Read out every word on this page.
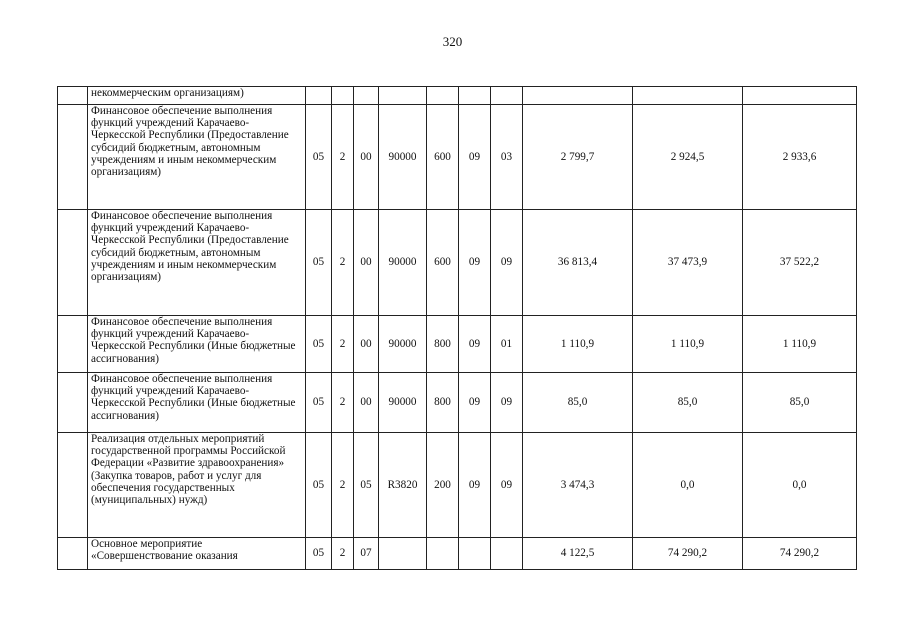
320
	некоммерческим организациям)										
	Финансовое обеспечение выполнения функций учреждений Карачаево-Черкесской Республики (Предоставление субсидий бюджетным, автономным учреждениям и иным некоммерческим организациям)	05	2	00	90000	600	09	03	2 799,7	2 924,5	2 933,6
	Финансовое обеспечение выполнения функций учреждений Карачаево-Черкесской Республики (Предоставление субсидий бюджетным, автономным учреждениям и иным некоммерческим организациям)	05	2	00	90000	600	09	09	36 813,4	37 473,9	37 522,2
	Финансовое обеспечение выполнения функций учреждений Карачаево-Черкесской Республики (Иные бюджетные ассигнования)	05	2	00	90000	800	09	01	1 110,9	1 110,9	1 110,9
	Финансовое обеспечение выполнения функций учреждений Карачаево-Черкесской Республики (Иные бюджетные ассигнования)	05	2	00	90000	800	09	09	85,0	85,0	85,0
	Реализация отдельных мероприятий государственной программы Российской Федерации «Развитие здравоохранения» (Закупка товаров, работ и услуг для обеспечения государственных (муниципальных) нужд)	05	2	05	R3820	200	09	09	3 474,3	0,0	0,0
	Основное мероприятие «Совершенствование оказания	05	2	07					4 122,5	74 290,2	74 290,2
